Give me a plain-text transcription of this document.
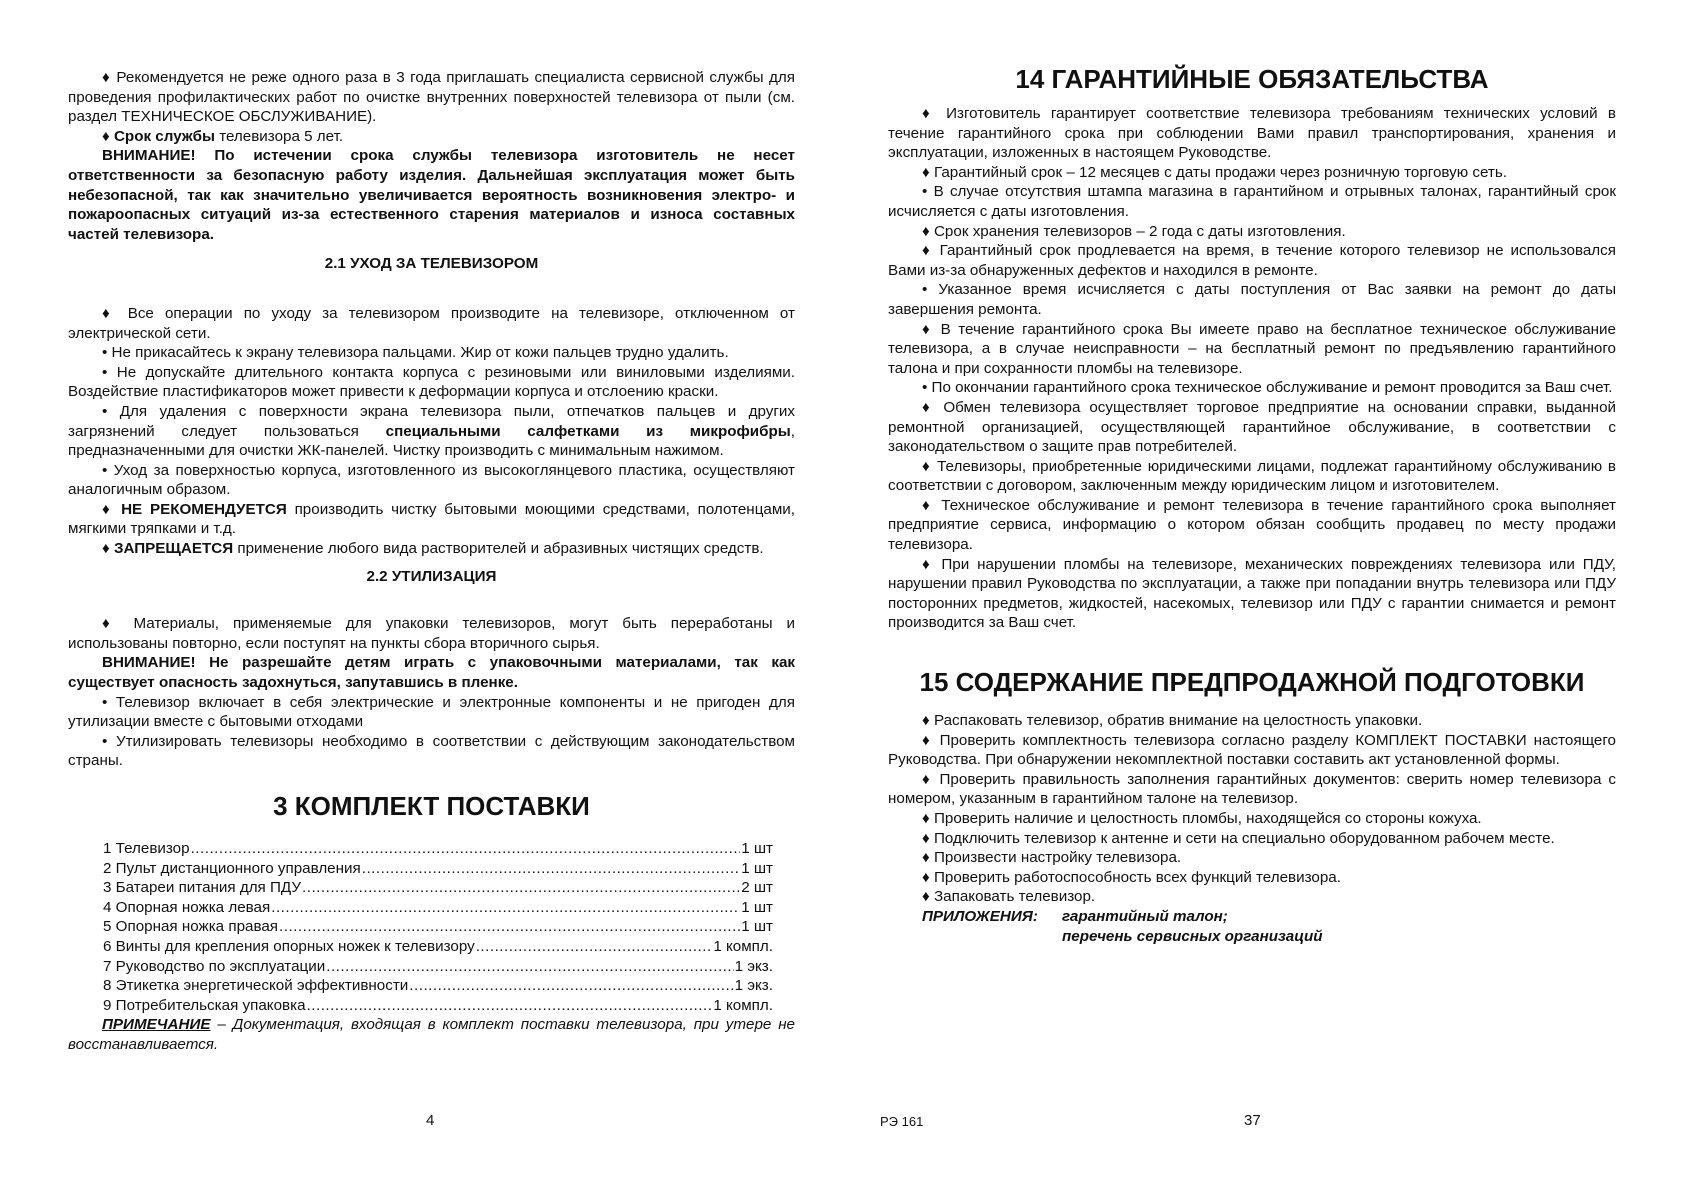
♦ Рекомендуется не реже одного раза в 3 года приглашать специалиста сервисной службы для проведения профилактических работ по очистке внутренних поверхностей телевизора от пыли (см. раздел ТЕХНИЧЕСКОЕ ОБСЛУЖИВАНИЕ).

♦ Срок службы телевизора 5 лет.

ВНИМАНИЕ! По истечении срока службы телевизора изготовитель не несет ответственности за безопасную работу изделия. Дальнейшая эксплуатация может быть небезопасной, так как значительно увеличивается вероятность возникновения электро- и пожароопасных ситуаций из-за естественного старения материалов и износа составных частей телевизора.

2.1 УХОД ЗА ТЕЛЕВИЗОРОМ

♦ Все операции по уходу за телевизором производите на телевизоре, отключенном от электрической сети.

• Не прикасайтесь к экрану телевизора пальцами. Жир от кожи пальцев трудно удалить.

• Не допускайте длительного контакта корпуса с резиновыми или виниловыми изделиями. Воздействие пластификаторов может привести к деформации корпуса и отслоению краски.

• Для удаления с поверхности экрана телевизора пыли, отпечатков пальцев и других загрязнений следует пользоваться специальными салфетками из микрофибры, предназначенными для очистки ЖК-панелей. Чистку производить с минимальным нажимом.

• Уход за поверхностью корпуса, изготовленного из высокоглянцевого пластика, осуществляют аналогичным образом.

♦ НЕ РЕКОМЕНДУЕТСЯ производить чистку бытовыми моющими средствами, полотенцами, мягкими тряпками и т.д.

♦ ЗАПРЕЩАЕТСЯ применение любого вида растворителей и абразивных чистящих средств.

2.2 УТИЛИЗАЦИЯ

♦ Материалы, применяемые для упаковки телевизоров, могут быть переработаны и использованы повторно, если поступят на пункты сбора вторичного сырья.

ВНИМАНИЕ! Не разрешайте детям играть с упаковочными материалами, так как существует опасность задохнуться, запутавшись в пленке.

• Телевизор включает в себя электрические и электронные компоненты и не пригоден для утилизации вместе с бытовыми отходами

• Утилизировать телевизоры необходимо в соответствии с действующим законодательством страны.

3 КОМПЛЕКТ ПОСТАВКИ
1 Телевизор .....	1 шт
2 Пульт дистанционного управления .....	1 шт
3 Батареи питания для ПДУ .....	2 шт
4 Опорная ножка левая .....	1 шт
5 Опорная ножка правая .....	1 шт
6 Винты для крепления опорных ножек к телевизору .....	1 компл.
7 Руководство по эксплуатации .....	1 экз.
8 Этикетка энергетической эффективности .....	1 экз.
9 Потребительская упаковка .....	1 компл.

ПРИМЕЧАНИЕ – Документация, входящая в комплект поставки телевизора, при утере не восстанавливается.

4	РЭ 161	37
14 ГАРАНТИЙНЫЕ ОБЯЗАТЕЛЬСТВА

♦ Изготовитель гарантирует соответствие телевизора требованиям технических условий в течение гарантийного срока при соблюдении Вами правил транспортирования, хранения и эксплуатации, изложенных в настоящем Руководстве.

♦ Гарантийный срок – 12 месяцев с даты продажи через розничную торговую сеть.

• В случае отсутствия штампа магазина в гарантийном и отрывных талонах, гарантийный срок исчисляется с даты изготовления.

♦ Срок хранения телевизоров – 2 года с даты изготовления.

♦ Гарантийный срок продлевается на время, в течение которого телевизор не использовался Вами из-за обнаруженных дефектов и находился в ремонте.

• Указанное время исчисляется с даты поступления от Вас заявки на ремонт до даты завершения ремонта.

♦ В течение гарантийного срока Вы имеете право на бесплатное техническое обслуживание телевизора, а в случае неисправности – на бесплатный ремонт по предъявлению гарантийного талона и при сохранности пломбы на телевизоре.

• По окончании гарантийного срока техническое обслуживание и ремонт проводится за Ваш счет.

♦ Обмен телевизора осуществляет торговое предприятие на основании справки, выданной ремонтной организацией, осуществляющей гарантийное обслуживание, в соответствии с законодательством о защите прав потребителей.

♦ Телевизоры, приобретенные юридическими лицами, подлежат гарантийному обслуживанию в соответствии с договором, заключенным между юридическим лицом и изготовителем.

♦ Техническое обслуживание и ремонт телевизора в течение гарантийного срока выполняет предприятие сервиса, информацию о котором обязан сообщить продавец по месту продажи телевизора.

♦ При нарушении пломбы на телевизоре, механических повреждениях телевизора или ПДУ, нарушении правил Руководства по эксплуатации, а также при попадании внутрь телевизора или ПДУ посторонних предметов, жидкостей, насекомых, телевизор или ПДУ с гарантии снимается и ремонт производится за Ваш счет.

15 СОДЕРЖАНИЕ ПРЕДПРОДАЖНОЙ ПОДГОТОВКИ

♦ Распаковать телевизор, обратив внимание на целостность упаковки.

♦ Проверить комплектность телевизора согласно разделу КОМПЛЕКТ ПОСТАВКИ настоящего Руководства. При обнаружении некомплектной поставки составить акт установленной формы.

♦ Проверить правильность заполнения гарантийных документов: сверить номер телевизора с номером, указанным в гарантийном талоне на телевизор.

♦ Проверить наличие и целостность пломбы, находящейся со стороны кожуха.

♦ Подключить телевизор к антенне и сети на специально оборудованном рабочем месте.

♦ Произвести настройку телевизора.

♦ Проверить работоспособность всех функций телевизора.

♦ Запаковать телевизор.

ПРИЛОЖЕНИЯ:	гарантийный талон;
перечень сервисных организаций
